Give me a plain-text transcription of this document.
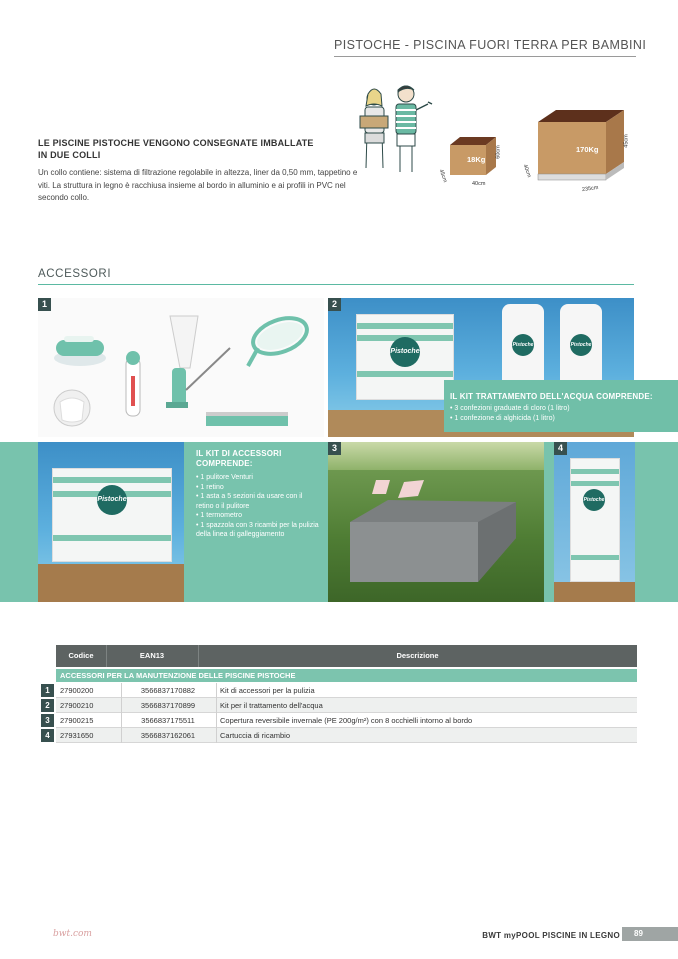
PISTOCHE - PISCINA FUORI TERRA PER BAMBINI
LE PISCINE PISTOCHE VENGONO CONSEGNATE IMBALLATE IN DUE COLLI
Un collo contiene: sistema di filtrazione regolabile in altezza, liner da 0,50 mm, tappetino e viti. La struttura in legno è racchiusa insieme al bordo in alluminio e ai profili in PVC nel secondo collo.
18Kg
60cm
45cm
40cm
170Kg
45cm
40cm
235cm
ACCESSORI
1
Pistoche
Pistoche	Pistoche
2
IL KIT TRATTAMENTO DELL'ACQUA COMPRENDE:
• 3 confezioni graduate di cloro (1 litro)
• 1 confezione di alghicida (1 litro)
Pistoche
IL KIT DI ACCESSORI COMPRENDE:
• 1 pulitore Venturi
• 1 retino
• 1 asta a 5 sezioni da usare con il retino o il pulitore
• 1 termometro
• 1 spazzola con 3 ricambi per la pulizia della linea di galleggiamento
3
Pistoche
4
Codice	EAN13	Descrizione
ACCESSORI PER LA MANUTENZIONE DELLE PISCINE PISTOCHE
1	27900200	3566837170882	Kit di accessori per la pulizia
2	27900210	3566837170899	Kit per il trattamento dell'acqua
3	27900215	3566837175511	Copertura reversibile invernale (PE 200g/m²) con 8 occhielli intorno al bordo
4	27931650	3566837162061	Cartuccia di ricambio
bwt.com	BWT myPOOL PISCINE IN LEGNO	89
